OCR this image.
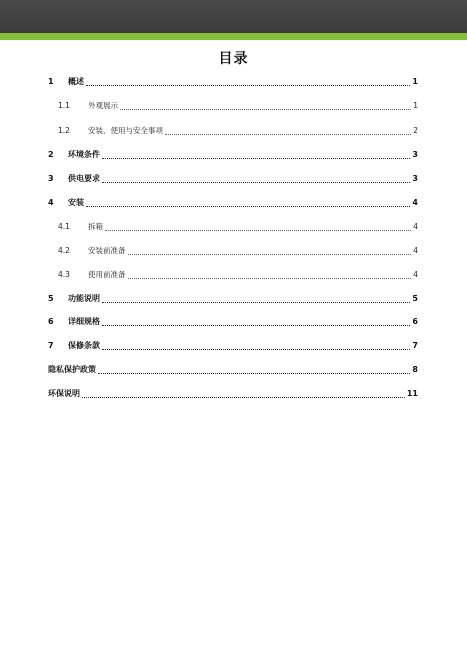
目录
1	概述	1
1.1	外观展示	1
1.2	安装、使用与安全事项	2
2	环境条件	3
3	供电要求	3
4	安装	4
4.1	拆箱	4
4.2	安装前准备	4
4.3	使用前准备	4
5	功能说明	5
6	详细规格	6
7	保修条款	7
隐私保护政策	8
环保说明	11
